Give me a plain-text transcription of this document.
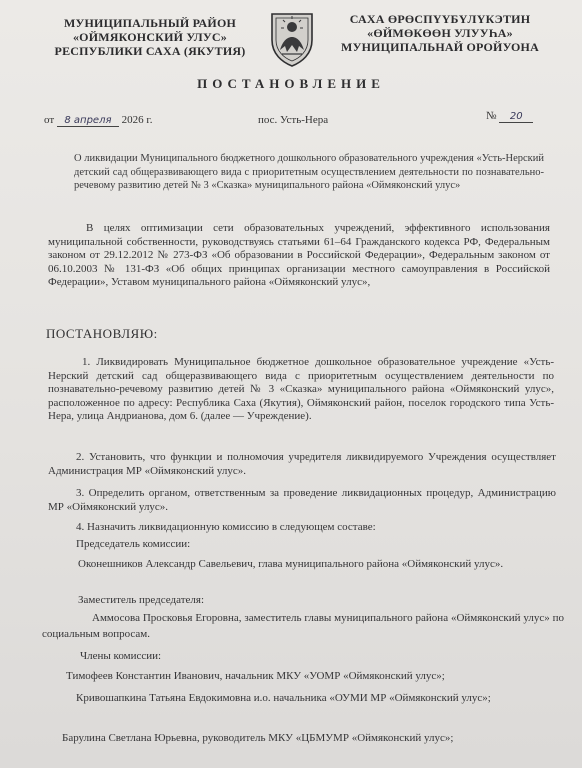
МУНИЦИПАЛЬНЫЙ РАЙОН
«ОЙМЯКОНСКИЙ УЛУС»
РЕСПУБЛИКИ САХА (ЯКУТИЯ)
САХА ӨРӨСПҮҮБҮЛҮКЭТИН
«ӨЙМӨКӨӨН УЛУУҺА»
МУНИЦИПАЛЬНАЙ ОРОЙУОНА
ПОСТАНОВЛЕНИЕ
от 8 апреля 2026 г.	пос. Усть-Нера	№ 20
О ликвидации Муниципального бюджетного дошкольного образовательного учреждения «Усть-Нерский детский сад общеразвивающего вида с приоритетным осуществлением деятельности по познавательно-речевому развитию детей № 3 «Сказка» муниципального района «Оймяконский улус»
В целях оптимизации сети образовательных учреждений, эффективного использования муниципальной собственности, руководствуясь статьями 61–64 Гражданского кодекса РФ, Федеральным законом от 29.12.2012 № 273-ФЗ «Об образовании в Российской Федерации», Федеральным законом от 06.10.2003 № 131-ФЗ «Об общих принципах организации местного самоуправления в Российской Федерации», Уставом муниципального района «Оймяконский улус»,
ПОСТАНОВЛЯЮ:
1. Ликвидировать Муниципальное бюджетное дошкольное образовательное учреждение «Усть-Нерский детский сад общеразвивающего вида с приоритетным осуществлением деятельности по познавательно-речевому развитию детей № 3 «Сказка» муниципального района «Оймяконский улус», расположенное по адресу: Республика Саха (Якутия), Оймяконский район, поселок городского типа Усть-Нера, улица Андрианова, дом 6. (далее — Учреждение).
2. Установить, что функции и полномочия учредителя ликвидируемого Учреждения осуществляет Администрация МР «Оймяконский улус».
3. Определить органом, ответственным за проведение ликвидационных процедур, Администрацию МР «Оймяконский улус».
4. Назначить ликвидационную комиссию в следующем составе:
Председатель комиссии:
Оконешников Александр Савельевич, глава муниципального района «Оймяконский улус».
Заместитель председателя:
Аммосова Просковья Егоровна, заместитель главы муниципального района «Оймяконский улус» по социальным вопросам.
Члены комиссии:
Тимофеев Константин Иванович, начальник МКУ «УОМР «Оймяконский улус»;
Кривошапкина Татьяна Евдокимовна и.о. начальника «ОУМИ МР «Оймяконский улус»;
Барулина Светлана Юрьевна, руководитель МКУ «ЦБМУМР «Оймяконский улус»;
